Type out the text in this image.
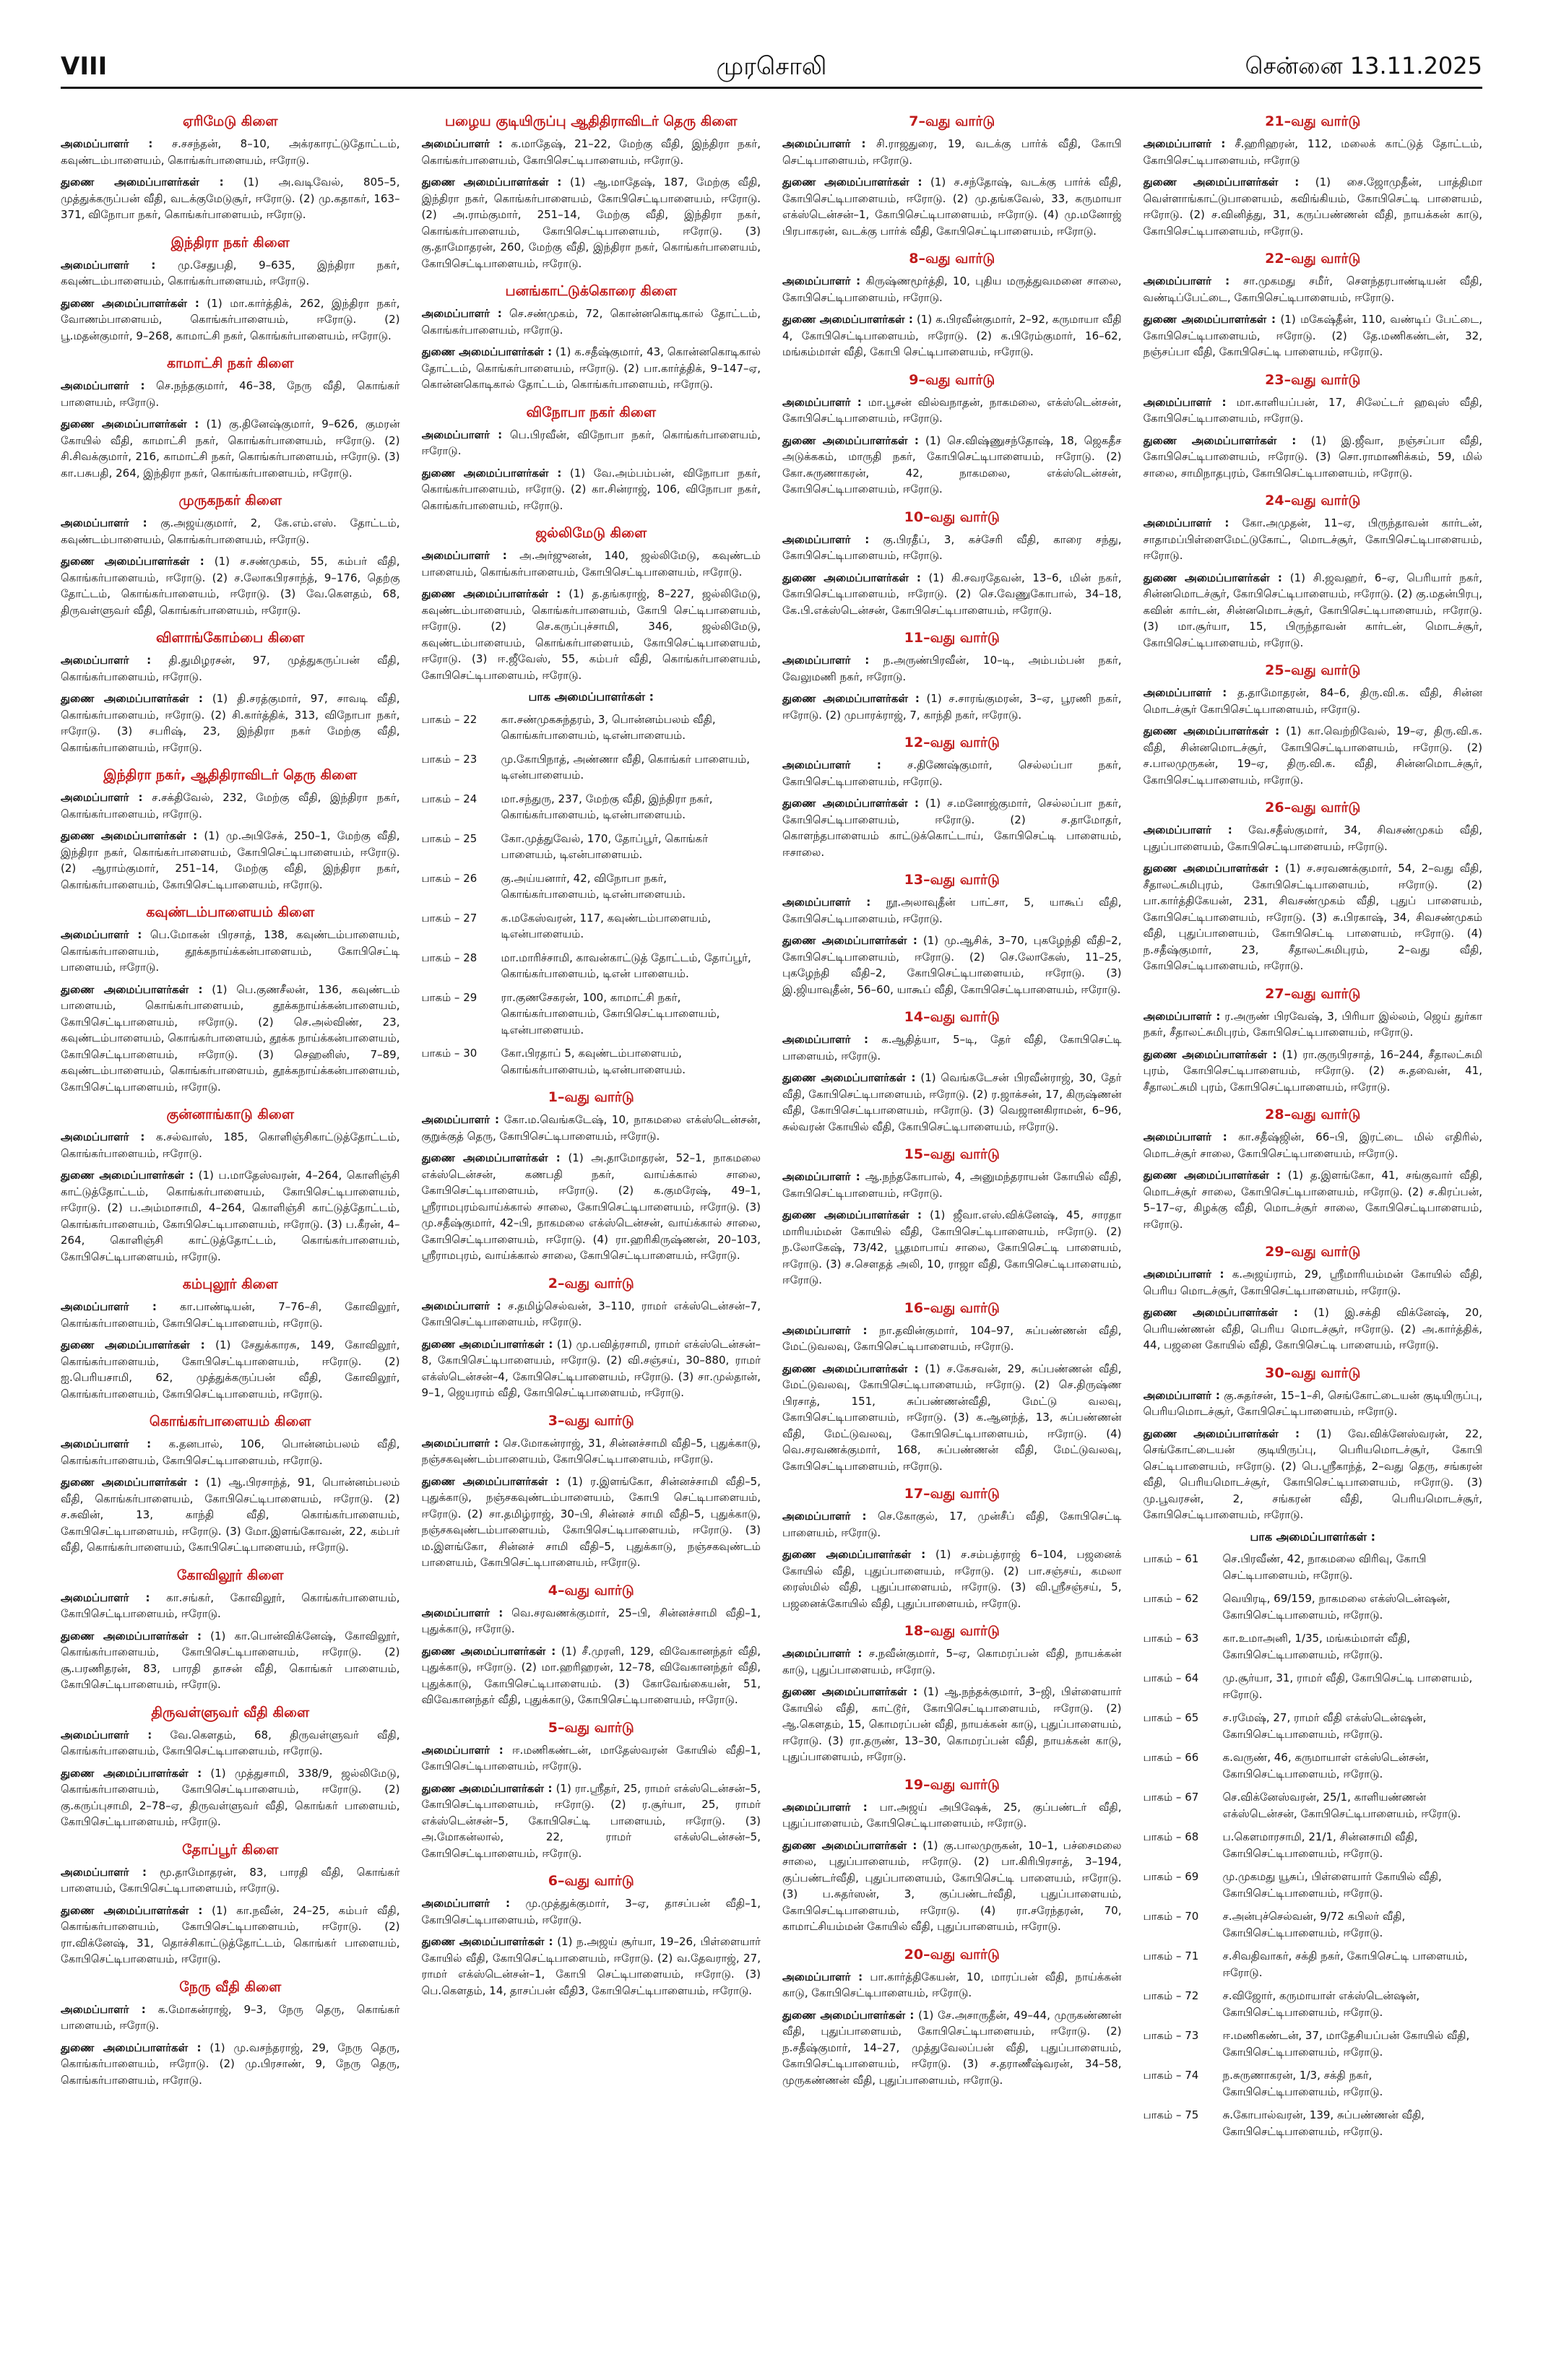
VIII	முரசொலி	சென்னை 13.11.2025
ஏரிமேடு கிளை
அமைப்பாளர் : ச.சசந்தன், 8–10, அக்ரகாரட்டுதோட்டம், கவுண்டம்பாளையம், கொங்கர்பாளையம், ஈரோடு.
துணை அமைப்பாளர்கள் : (1) அ.வடிவேல், 805–5, முத்துக்கருப்பன் வீதி, வடக்குமேடுசூர், ஈரோடு. (2) மு.கதாகர், 163–371, விநோபா நகர், கொங்கர்பாளையம், ஈரோடு.
இந்திரா நகர் கிளை
அமைப்பாளர் : மு.சேதுபதி, 9–635, இந்திரா நகர், கவுண்டம்பாளையம், கொங்கர்பாளையம், ஈரோடு.
துணை அமைப்பாளர்கள் : (1) மா.கார்த்திக், 262, இந்திரா நகர், வோணம்பாளையம், கொங்கர்பாளையம், ஈரோடு. (2) பூ.மதன்குமார், 9–268, காமாட்சி நகர், கொங்கர்பாளையம், ஈரோடு.
காமாட்சி நகர் கிளை
அமைப்பாளர் : செ.நந்தகுமார், 46–38, நேரு வீதி, கொங்கர் பாளையம், ஈரோடு.
துணை அமைப்பாளர்கள் : (1) கு.தினேஷ்குமார், 9–626, குமரன் கோயில் வீதி, காமாட்சி நகர், கொங்கர்பாளையம், ஈரோடு. (2) சி.சிவக்குமார், 216, காமாட்சி நகர், கொங்கர்பாளையம், ஈரோடு. (3) கா.பசுபதி, 264, இந்திரா நகர், கொங்கர்பாளையம், ஈரோடு.
முருகநகர் கிளை
அமைப்பாளர் : கு.அஜய்குமார், 2, கே.எம்.எஸ். தோட்டம், கவுண்டம்பாளையம், கொங்கர்பாளையம், ஈரோடு.
துணை அமைப்பாளர்கள் : (1) ச.சண்முகம், 55, கம்பர் வீதி, கொங்கர்பாளையம், ஈரோடு. (2) ச.லோகபிரசாந்த், 9–176, தெற்கு தோட்டம், கொங்கர்பாளையம், ஈரோடு. (3) வே.கௌதம், 68, திருவள்ளுவர் வீதி, கொங்கர்பாளையம், ஈரோடு.
விளாங்கோம்பை கிளை
அமைப்பாளர் : தி.துமிழரசன், 97, முத்துகருப்பன் வீதி, கொங்கர்பாளையம், ஈரோடு.
துணை அமைப்பாளர்கள் : (1) தி.சரத்குமார், 97, சாவடி வீதி, கொங்கர்பாளையம், ஈரோடு. (2) சி.கார்த்திக், 313, விநோபா நகர், ஈரோடு. (3) சபரிஷ், 23, இந்திரா நகர் மேற்கு வீதி, கொங்கர்பாளையம், ஈரோடு.
இந்திரா நகர், ஆதிதிராவிடர் தெரு கிளை
அமைப்பாளர் : ச.சக்திவேல், 232, மேற்கு வீதி, இந்திரா நகர், கொங்கர்பாளையம், ஈரோடு.
துணை அமைப்பாளர்கள் : (1) மு.அபிசேக், 250–1, மேற்கு வீதி, இந்திரா நகர், கொங்கர்பாளையம், கோபிசெட்டிபாளையம், ஈரோடு. (2) ஆராம்குமார், 251–14, மேற்கு வீதி, இந்திரா நகர், கொங்கர்பாளையம், கோபிசெட்டிபாளையம், ஈரோடு.
கவுண்டம்பாளையம் கிளை
அமைப்பாளர் : பெ.மோகன் பிரசாத், 138, கவுண்டம்பாளையம், கொங்கர்பாளையம், தூக்கநாய்க்கன்பாளையம், கோபிசெட்டி பாளையம், ஈரோடு.
துணை அமைப்பாளர்கள் : (1) பெ.குணசீலன், 136, கவுண்டம் பாளையம், கொங்கர்பாளையம், தூக்கநாய்க்கன்பாளையம், கோபிசெட்டிபாளையம், ஈரோடு. (2) செ.அல்விண், 23, கவுண்டம்பாளையம், கொங்கர்பாளையம், தூக்க நாய்க்கன்பாளையம், கோபிசெட்டிபாளையம், ஈரோடு. (3) செஹனிஸ், 7–89, கவுண்டம்பாளையம், கொங்கர்பாளையம், தூக்கநாய்க்கன்பாளையம், கோபிசெட்டிபாளையம், ஈரோடு.
குன்னாங்காடு கிளை
அமைப்பாளர் : க.சல்வாஸ், 185, கொளிஞ்சிகாட்டுத்தோட்டம், கொங்கர்பாளையம், ஈரோடு.
துணை அமைப்பாளர்கள் : (1) ப.மாதேஸ்வரன், 4–264, கொளிஞ்சி காட்டுத்தோட்டம், கொங்கர்பாளையம், கோபிசெட்டிபாளையம், ஈரோடு. (2) ப.அம்மாசாமி, 4–264, கொளிஞ்சி காட்டுத்தோட்டம், கொங்கர்பாளையம், கோபிசெட்டிபாளையம், ஈரோடு. (3) ப.கீரன், 4–264, கொளிஞ்சி காட்டுத்தோட்டம், கொங்கர்பாளையம், கோபிசெட்டிபாளையம், ஈரோடு.
கம்புலூர் கிளை
அமைப்பாளர் : கா.பாண்டியன், 7–76–சி, கோவிலூர், கொங்கர்பாளையம், கோபிசெட்டிபாளையம், ஈரோடு.
துணை அமைப்பாளர்கள் : (1) சேதுக்காரசு, 149, கோவிலூர், கொங்கர்பாளையம், கோபிசெட்டிபாளையம், ஈரோடு. (2) ஐ.பெரியசாமி, 62, முத்துக்கருப்பன் வீதி, கோவிலூர், கொங்கர்பாளையம், கோபிசெட்டிபாளையம், ஈரோடு.
கொங்கர்பாளையம் கிளை
அமைப்பாளர் : க.தனபால், 106, பொன்னம்பலம் வீதி, கொங்கர்பாளையம், கோபிசெட்டிபாளையம், ஈரோடு.
துணை அமைப்பாளர்கள் : (1) ஆ.பிரசாந்த், 91, பொன்னம்பலம் வீதி, கொங்கர்பாளையம், கோபிசெட்டிபாளையம், ஈரோடு. (2) ச.சுவின், 13, காந்தி வீதி, கொங்கர்பாளையம், கோபிசெட்டிபாளையம், ஈரோடு. (3) மோ.இளங்கோவன், 22, கம்பர் வீதி, கொங்கர்பாளையம், கோபிசெட்டிபாளையம், ஈரோடு.
கோவிலூர் கிளை
அமைப்பாளர் : கா.சங்கர், கோவிலூர், கொங்கர்பாளையம், கோபிசெட்டிபாளையம், ஈரோடு.
துணை அமைப்பாளர்கள் : (1) கா.பொன்விக்னேஷ், கோவிலூர், கொங்கர்பாளையம், கோபிசெட்டிபாளையம், ஈரோடு. (2) சூ.பரணிதரன், 83, பாரதி தாசன் வீதி, கொங்கர் பாளையம், கோபிசெட்டிபாளையம், ஈரோடு.
திருவள்ளுவர் வீதி கிளை
அமைப்பாளர் : வே.கௌதம், 68, திருவள்ளுவர் வீதி, கொங்கர்பாளையம், கோபிசெட்டிபாளையம், ஈரோடு.
துணை அமைப்பாளர்கள் : (1) முத்துசாமி, 338/9, ஜல்லிமேடு, கொங்கர்பாளையம், கோபிசெட்டிபாளையம், ஈரோடு. (2) கு.கருப்புசாமி, 2–78–ஏ, திருவள்ளுவர் வீதி, கொங்கர் பாளையம், கோபிசெட்டிபாளையம், ஈரோடு.
தோப்பூர் கிளை
அமைப்பாளர் : மூ.தாமோதரன், 83, பாரதி வீதி, கொங்கர் பாளையம், கோபிசெட்டிபாளையம், ஈரோடு.
துணை அமைப்பாளர்கள் : (1) கா.நவீன், 24–25, கம்பர் வீதி, கொங்கர்பாளையம், கோபிசெட்டிபாளையம், ஈரோடு. (2) ரா.விக்னேஷ், 31, தொச்சிகாட்டுத்தோட்டம், கொங்கர் பாளையம், கோபிசெட்டிபாளையம், ஈரோடு.
நேரு வீதி கிளை
அமைப்பாளர் : க.மோகன்ராஜ், 9–3, நேரு தெரு, கொங்கர் பாளையம், ஈரோடு.
துணை அமைப்பாளர்கள் : (1) மு.வசந்தராஜ், 29, நேரு தெரு, கொங்கர்பாளையம், ஈரோடு. (2) மு.பிரசாண், 9, நேரு தெரு, கொங்கர்பாளையம், ஈரோடு.
பழைய குடியிருப்பு ஆதிதிராவிடர் தெரு கிளை
அமைப்பாளர் : க.மாதேஷ், 21–22, மேற்கு வீதி, இந்திரா நகர், கொங்கர்பாளையம், கோபிசெட்டிபாளையம், ஈரோடு.
துணை அமைப்பாளர்கள் : (1) ஆ.மாதேஷ், 187, மேற்கு வீதி, இந்திரா நகர், கொங்கர்பாளையம், கோபிசெட்டிபாளையம், ஈரோடு. (2) அ.ராம்குமார், 251–14, மேற்கு வீதி, இந்திரா நகர், கொங்கர்பாளையம், கோபிசெட்டிபாளையம், ஈரோடு. (3) கு.தாமோதரன், 260, மேற்கு வீதி, இந்திரா நகர், கொங்கர்பாளையம், கோபிசெட்டிபாளையம், ஈரோடு.
பனங்காட்டுக்கொரை கிளை
அமைப்பாளர் : செ.சண்முகம், 72, கொன்னகொடிகால் தோட்டம், கொங்கர்பாளையம், ஈரோடு.
துணை அமைப்பாளர்கள் : (1) க.சதீஷ்குமார், 43, கொன்னகொடிகால் தோட்டம், கொங்கர்பாளையம், ஈரோடு. (2) பா.கார்த்திக், 9–147–ஏ, கொன்னகொடிகால் தோட்டம், கொங்கர்பாளையம், ஈரோடு.
விநோபா நகர் கிளை
அமைப்பாளர் : பெ.பிரவீன், விநோபா நகர், கொங்கர்பாளையம், ஈரோடு.
துணை அமைப்பாளர்கள் : (1) வே.அம்பம்பன், விநோபா நகர், கொங்கர்பாளையம், ஈரோடு. (2) கா.சின்ராஜ், 106, விநோபா நகர், கொங்கர்பாளையம், ஈரோடு.
ஜல்லிமேடு கிளை
அமைப்பாளர் : அ.அர்ஜுனன், 140, ஜல்லிமேடு, கவுண்டம் பாளையம், கொங்கர்பாளையம், கோபிசெட்டிபாளையம், ஈரோடு.
துணை அமைப்பாளர்கள் : (1) த.தங்கராஜ், 8–227, ஜல்லிமேடு, கவுண்டம்பாளையம், கொங்கர்பாளையம், கோபி செட்டிபாளையம், ஈரோடு. (2) செ.கருப்புச்சாமி, 346, ஜல்லிமேடு, கவுண்டம்பாளையம், கொங்கர்பாளையம், கோபிசெட்டிபாளையம், ஈரோடு. (3) ஈ.ஜீவேஸ், 55, கம்பர் வீதி, கொங்கர்பாளையம், கோபிசெட்டிபாளையம், ஈரோடு.
பாக அமைப்பாளர்கள் :
பாகம் – 22	கா.சண்முகசுந்தரம், 3, பொன்னம்பலம் வீதி, கொங்கர்பாளையம், டிஎன்பாளையம்.
பாகம் – 23	மு.கோபிநாத், அண்ணா வீதி, கொங்கர் பாளையம், டிஎன்பாளையம்.
பாகம் – 24	மா.சந்துரு, 237, மேற்கு வீதி, இந்திரா நகர், கொங்கர்பாளையம், டிஎன்பாளையம்.
பாகம் – 25	கோ.முத்துவேல், 170, தோப்பூர், கொங்கர் பாளையம், டிஎன்பாளையம்.
பாகம் – 26	கு.அய்யனார், 42, விநோபா நகர், கொங்கர்பாளையம், டிஎன்பாளையம்.
பாகம் – 27	க.மகேஸ்வரன், 117, கவுண்டம்பாளையம், டிஎன்பாளையம்.
பாகம் – 28	மா.மாரிச்சாமி, காவன்காட்டுத் தோட்டம், தோப்பூர், கொங்கர்பாளையம், டிஎன் பாளையம்.
பாகம் – 29	ரா.குணசேகரன், 100, காமாட்சி நகர், கொங்கர்பாளையம், கோபிசெட்டிபாளையம், டிஎன்பாளையம்.
பாகம் – 30	கோ.பிரதாப் 5, கவுண்டம்பாளையம், கொங்கர்பாளையம், டிஎன்பாளையம்.
1–வது வார்டு
அமைப்பாளர் : கோ.ம.வெங்கடேஷ், 10, நாகமலை எக்ஸ்டென்சன், குறுக்குத் தெரு, கோபிசெட்டிபாளையம், ஈரோடு.
துணை அமைப்பாளர்கள் : (1) அ.தாமோதரன், 52–1, நாகமலை எக்ஸ்டென்சன், கணபதி நகர், வாய்க்கால் சாலை, கோபிசெட்டிபாளையம், ஈரோடு. (2) க.குமரேஷ், 49–1, ஸ்ரீராமபுரம்வாய்க்கால் சாலை, கோபிசெட்டிபாளையம், ஈரோடு. (3) மு.சதீஷ்குமார், 42–பி, நாகமலை எக்ஸ்டென்சன், வாய்க்கால் சாலை, கோபிசெட்டிபாளையம், ஈரோடு. (4) ரா.ஹரிகிருஷ்ணன், 20–103, ஸ்ரீராமபுரம், வாய்க்கால் சாலை, கோபிசெட்டிபாளையம், ஈரோடு.
2–வது வார்டு
அமைப்பாளர் : ச.தமிழ்செல்வன், 3–110, ராமர் எக்ஸ்டென்சன்–7, கோபிசெட்டிபாளையம், ஈரோடு.
துணை அமைப்பாளர்கள் : (1) மு.பவித்ரசாமி, ராமர் எக்ஸ்டென்சன்–8, கோபிசெட்டிபாளையம், ஈரோடு. (2) வி.சஞ்சய், 30–880, ராமர் எக்ஸ்டென்சன்–4, கோபிசெட்டிபாளையம், ஈரோடு. (3) சா.முல்தான், 9–1, ஜெயராம் வீதி, கோபிசெட்டிபாளையம், ஈரோடு.
3–வது வார்டு
அமைப்பாளர் : செ.மோகன்ராஜ், 31, சின்னச்சாமி வீதி–5, புதுக்காடு, நஞ்சகவுண்டம்பாளையம், கோபிசெட்டிபாளையம், ஈரோடு.
துணை அமைப்பாளர்கள் : (1) ர.இளங்கோ, சின்னச்சாமி வீதி–5, புதுக்காடு, நஞ்சகவுண்டம்பாளையம், கோபி செட்டிபாளையம், ஈரோடு. (2) சா.தமிழ்ராஜ், 30–பி, சின்னச் சாமி வீதி–5, புதுக்காடு, நஞ்சகவுண்டம்பாளையம், கோபிசெட்டிபாளையம், ஈரோடு. (3) ம.இளங்கோ, சின்னச் சாமி வீதி–5, புதுக்காடு, நஞ்சகவுண்டம் பாளையம், கோபிசெட்டிபாளையம், ஈரோடு.
4–வது வார்டு
அமைப்பாளர் : வெ.சரவணக்குமார், 25–பி, சின்னச்சாமி வீதி–1, புதுக்காடு, ஈரோடு.
துணை அமைப்பாளர்கள் : (1) சீ.முரளி, 129, விவேகானந்தர் வீதி, புதுக்காடு, ஈரோடு. (2) மா.ஹரிஹரன், 12–78, விவேகானந்தர் வீதி, புதுக்காடு, கோபிசெட்டிபாளையம். (3) கோவேங்கையன், 51, விவேகானந்தர் வீதி, புதுக்காடு, கோபிசெட்டிபாளையம், ஈரோடு.
5–வது வார்டு
அமைப்பாளர் : ஈ.மணிகண்டன், மாதேஸ்வரன் கோயில் வீதி–1, கோபிசெட்டிபாளையம், ஈரோடு.
துணை அமைப்பாளர்கள் : (1) ரா.ஸ்ரீதர், 25, ராமர் எக்ஸ்டென்சன்–5, கோபிசெட்டிபாளையம், ஈரோடு. (2) ர.சூர்யா, 25, ராமர் எக்ஸ்டென்சன்–5, கோபிசெட்டி பாளையம், ஈரோடு. (3) அ.மோகன்லால், 22, ராமர் எக்ஸ்டென்சன்–5, கோபிசெட்டிபாளையம், ஈரோடு.
6–வது வார்டு
அமைப்பாளர் : மு.முத்துக்குமார், 3–ஏ, தாசப்பன் வீதி–1, கோபிசெட்டிபாளையம், ஈரோடு.
துணை அமைப்பாளர்கள் : (1) ந.அஜய் சூர்யா, 19–26, பிள்ளையார் கோயில் வீதி, கோபிசெட்டிபாளையம், ஈரோடு. (2) வ.தேவராஜ், 27, ராமர் எக்ஸ்டென்சன்–1, கோபி செட்டிபாளையம், ஈரோடு. (3) பெ.கௌதம், 14, தாசப்பன் வீதி3, கோபிசெட்டிபாளையம், ஈரோடு.
7–வது வார்டு
அமைப்பாளர் : சி.ராஜதுரை, 19, வடக்கு பார்க் வீதி, கோபி செட்டிபாளையம், ஈரோடு.
துணை அமைப்பாளர்கள் : (1) ச.சந்தோஷ், வடக்கு பார்க் வீதி, கோபிசெட்டிபாளையம், ஈரோடு. (2) மு.தங்கவேல், 33, கருமாயா எக்ஸ்டென்சன்–1, கோபிசெட்டிபாளையம், ஈரோடு. (4) மு.மனோஜ் பிரபாகரன், வடக்கு பார்க் வீதி, கோபிசெட்டிபாளையம், ஈரோடு.
8–வது வார்டு
அமைப்பாளர் : கிருஷ்ணமூர்த்தி, 10, புதிய மருத்துவமனை சாலை, கோபிசெட்டிபாளையம், ஈரோடு.
துணை அமைப்பாளர்கள் : (1) க.பிரவீன்குமார், 2–92, கருமாயா வீதி 4, கோபிசெட்டிபாளையம், ஈரோடு. (2) க.பிரேம்குமார், 16–62, மங்கம்மாள் வீதி, கோபி செட்டிபாளையம், ஈரோடு.
9–வது வார்டு
அமைப்பாளர் : மா.பூசன் வில்வநாதன், நாகமலை, எக்ஸ்டென்சன், கோபிசெட்டிபாளையம், ஈரோடு.
துணை அமைப்பாளர்கள் : (1) செ.விஷ்ணுசந்தோஷ், 18, ஜெகதீச அடுக்ககம், மாருதி நகர், கோபிசெட்டிபாளையம், ஈரோடு. (2) கோ.சுருணாகரன், 42, நாகமலை, எக்ஸ்டென்சன், கோபிசெட்டிபாளையம், ஈரோடு.
10–வது வார்டு
அமைப்பாளர் : கு.பிரதீப், 3, கச்சேரி வீதி, காரை சந்து, கோபிசெட்டிபாளையம், ஈரோடு.
துணை அமைப்பாளர்கள் : (1) கி.சவரதேவன், 13–6, மின் நகர், கோபிசெட்டிபாளையம், ஈரோடு. (2) செ.வேணுகோபால், 34–18, கே.பி.எக்ஸ்டென்சன், கோபிசெட்டிபாளையம், ஈரோடு.
11–வது வார்டு
அமைப்பாளர் : ந.அருண்பிரவீன், 10–டி, அம்பம்பன் நகர், வேலுமணி நகர், ஈரோடு.
துணை அமைப்பாளர்கள் : (1) ச.சாரங்குமரன், 3–ஏ, பூரணி நகர், ஈரோடு. (2) முபாரக்ராஜ், 7, காந்தி நகர், ஈரோடு.
12–வது வார்டு
அமைப்பாளர் : ச.திணேஷ்குமார், செல்லப்பா நகர், கோபிசெட்டிபாளையம், ஈரோடு.
துணை அமைப்பாளர்கள் : (1) ச.மனோஜ்குமார், செல்லப்பா நகர், கோபிசெட்டிபாளையம், ஈரோடு. (2) ச.தாமோதர், கொளந்தபாளையம் காட்டுக்கொட்டாய், கோபிசெட்டி பாளையம், ஈசாலை.
13–வது வார்டு
அமைப்பாளர் : நூ.அலாவுதீன் பாட்சா, 5, யாகூப் வீதி, கோபிசெட்டிபாளையம், ஈரோடு.
துணை அமைப்பாளர்கள் : (1) மு.ஆசிக், 3–70, புகழேந்தி வீதி–2, கோபிசெட்டிபாளையம், ஈரோடு. (2) செ.லோகேஸ், 11–25, புகழேந்தி வீதி–2, கோபிசெட்டிபாளையம், ஈரோடு. (3) இ.ஜியாவுதீன், 56–60, யாகூப் வீதி, கோபிசெட்டிபாளையம், ஈரோடு.
14–வது வார்டு
அமைப்பாளர் : க.ஆதித்யா, 5–டி, தேர் வீதி, கோபிசெட்டி பாளையம், ஈரோடு.
துணை அமைப்பாளர்கள் : (1) வெங்கடேசன் பிரவீன்ராஜ், 30, தேர் வீதி, கோபிசெட்டிபாளையம், ஈரோடு. (2) ர.ஜாக்சன், 17, கிருஷ்ணன் வீதி, கோபிசெட்டிபாளையம், ஈரோடு. (3) வெஜானகிராமன், 6–96, சுல்வரன் கோயில் வீதி, கோபிசெட்டிபாளையம், ஈரோடு.
15–வது வார்டு
அமைப்பாளர் : ஆ.நந்தகோபால், 4, அனுமந்தராயன் கோயில் வீதி, கோபிசெட்டிபாளையம், ஈரோடு.
துணை அமைப்பாளர்கள் : (1) ஜீவா.எஸ்.விக்னேஷ், 45, சாரதா மாரியம்மன் கோயில் வீதி, கோபிசெட்டிபாளையம், ஈரோடு. (2) ந.லோகேஷ், 73/42, பூதமாபாய் சாலை, கோபிசெட்டி பாளையம், ஈரோடு. (3) ச.சௌதத் அலி, 10, ராஜா வீதி, கோபிசெட்டிபாளையம், ஈரோடு.
16–வது வார்டு
அமைப்பாளர் : நா.தவின்குமார், 104–97, சுப்பண்ணன் வீதி, மேட்டுவலவு, கோபிசெட்டிபாளையம், ஈரோடு.
துணை அமைப்பாளர்கள் : (1) ச.கேசவன், 29, சுப்பண்ணன் வீதி, மேட்டுவலவு, கோபிசெட்டிபாளையம், ஈரோடு. (2) செ.திருஷ்ண பிரசாத், 151, சுப்பண்ணன்வீதி, மேட்டு வலவு, கோபிசெட்டிபாளையம், ஈரோடு. (3) க.ஆனந்த், 13, சுப்பண்ணன் வீதி, மேட்டுவலவு, கோபிசெட்டிபாளையம், ஈரோடு. (4) வெ.சரவணக்குமார், 168, சுப்பண்ணன் வீதி, மேட்டுவலவு, கோபிசெட்டிபாளையம், ஈரோடு.
17–வது வார்டு
அமைப்பாளர் : செ.கோகுல், 17, முன்சீப் வீதி, கோபிசெட்டி பாளையம், ஈரோடு.
துணை அமைப்பாளர்கள் : (1) ச.சம்பத்ராஜ் 6–104, பஜனைக் கோயில் வீதி, புதுப்பாளையம், ஈரோடு. (2) பா.சஞ்சய், கமலா ரைஸ்மில் வீதி, புதுப்பாளையம், ஈரோடு. (3) வி.ஸ்ரீசஞ்சய், 5, பஜனைக்கோயில் வீதி, புதுப்பாளையம், ஈரோடு.
18–வது வார்டு
அமைப்பாளர் : ச.நவீன்குமார், 5–ஏ, கொமரப்பன் வீதி, நாயக்கன் காடு, புதுப்பாளையம், ஈரோடு.
துணை அமைப்பாளர்கள் : (1) ஆ.நந்தக்குமார், 3–ஜி, பிள்ளையார் கோயில் வீதி, காட்டூர், கோபிசெட்டிபாளையம், ஈரோடு. (2) ஆ.கௌதம், 15, கொமரப்பன் வீதி, நாயக்கன் காடு, புதுப்பாளையம், ஈரோடு. (3) ரா.தருண், 13–30, கொமரப்பன் வீதி, நாயக்கன் காடு, புதுப்பாளையம், ஈரோடு.
19–வது வார்டு
அமைப்பாளர் : பா.அஜய் அபிஷேக், 25, குப்பண்டர் வீதி, புதுப்பாளையம், கோபிசெட்டிபாளையம், ஈரோடு.
துணை அமைப்பாளர்கள் : (1) கு.பாலமுருகன், 10–1, பச்சைமலை சாலை, புதுப்பாளையம், ஈரோடு. (2) பா.கிரிபிரசாத், 3–194, குப்பண்டர்வீதி, புதுப்பாளையம், கோபிசெட்டி பாளையம், ஈரோடு. (3) ப.சுதர்ஸன், 3, குப்பண்டர்வீதி, புதுப்பாளையம், கோபிசெட்டிபாளையம், ஈரோடு. (4) ரா.சரேந்தரன், 70, காமாட்சியம்மன் கோயில் வீதி, புதுப்பாளையம், ஈரோடு.
20–வது வார்டு
அமைப்பாளர் : பா.கார்த்திகேயன், 10, மாரப்பன் வீதி, நாய்க்கன் காடு, கோபிசெட்டிபாளையம், ஈரோடு.
துணை அமைப்பாளர்கள் : (1) சே.அசாருதீன், 49–44, முருகண்ணன் வீதி, புதுப்பாளையம், கோபிசெட்டிபாளையம், ஈரோடு. (2) ந.சதீஷ்குமார், 14–27, முத்துவேலப்பன் வீதி, புதுப்பாளையம், கோபிசெட்டிபாளையம், ஈரோடு. (3) ச.தராணீஷ்வரன், 34–58, முருகண்ணன் வீதி, புதுப்பாளையம், ஈரோடு.
21–வது வார்டு
அமைப்பாளர் : சீ.ஹரிஹரன், 112, மலைக் காட்டுத் தோட்டம், கோபிசெட்டிபாளையம், ஈரோடு
துணை அமைப்பாளர்கள் : (1) சை.ஜோமுதீன், பாத்திமா வெள்ளாங்காட்டுபாளையம், கவிங்கியம், கோபிசெட்டி பாளையம், ஈரோடு. (2) ச.வினித்து, 31, கருப்பண்ணன் வீதி, நாயக்கன் காடு, கோபிசெட்டிபாளையம், ஈரோடு.
22–வது வார்டு
அமைப்பாளர் : சா.முகமது சமீர், சௌந்தரபாண்டியன் வீதி, வண்டிப்பேட்டை, கோபிசெட்டிபாளையம், ஈரோடு.
துணை அமைப்பாளர்கள் : (1) மகேஷ்தீன், 110, வண்டிப் பேட்டை, கோபிசெட்டிபாளையம், ஈரோடு. (2) தே.மணிகண்டன், 32, நஞ்சப்பா வீதி, கோபிசெட்டி பாளையம், ஈரோடு.
23–வது வார்டு
அமைப்பாளர் : மா.காளியப்பன், 17, சிலேட்டர் ஹவுஸ் வீதி, கோபிசெட்டிபாளையம், ஈரோடு.
துணை அமைப்பாளர்கள் : (1) இ.ஜீவா, நஞ்சப்பா வீதி, கோபிசெட்டிபாளையம், ஈரோடு. (3) சொ.ராமாணிக்கம், 59, மில் சாலை, சாமிநாதபுரம், கோபிசெட்டிபாளையம், ஈரோடு.
24–வது வார்டு
அமைப்பாளர் : கோ.அமுதன், 11–ஏ, பிருந்தாவன் கார்டன், சாதாமப்பிள்ளைமேட்டுகோட், மொடச்சூர், கோபிசெட்டிபாளையம், ஈரோடு.
துணை அமைப்பாளர்கள் : (1) சி.ஜவஹர், 6–ஏ, பெரியார் நகர், சின்னமொடச்சூர், கோபிசெட்டிபாளையம், ஈரோடு. (2) கு.மதன்பிரபு, கவின் கார்டன், சின்னமொடச்சூர், கோபிசெட்டிபாளையம், ஈரோடு. (3) மா.சூர்யா, 15, பிருந்தாவன் கார்டன், மொடச்சூர், கோபிசெட்டிபாளையம், ஈரோடு.
25–வது வார்டு
அமைப்பாளர் : த.தாமோதரன், 84–6, திரு.வி.க. வீதி, சின்ன மொடச்சூர் கோபிசெட்டிபாளையம், ஈரோடு.
துணை அமைப்பாளர்கள் : (1) கா.வெற்றிவேல், 19–ஏ, திரு.வி.க. வீதி, சின்னமொடச்சூர், கோபிசெட்டிபாளையம், ஈரோடு. (2) ச.பாலமுருகன், 19–ஏ, திரு.வி.க. வீதி, சின்னமொடச்சூர், கோபிசெட்டிபாளையம், ஈரோடு.
26–வது வார்டு
அமைப்பாளர் : வே.சதீஸ்குமார், 34, சிவசண்முகம் வீதி, புதுப்பாளையம், கோபிசெட்டிபாளையம், ஈரோடு.
துணை அமைப்பாளர்கள் : (1) ச.சரவணக்குமார், 54, 2–வது வீதி, சீதாலட்சுமிபுரம், கோபிசெட்டிபாளையம், ஈரோடு. (2) பா.கார்த்திகேயன், 231, சிவசண்முகம் வீதி, புதுப் பாளையம், கோபிசெட்டிபாளையம், ஈரோடு. (3) சு.பிரகாஷ், 34, சிவசண்முகம் வீதி, புதுப்பாளையம், கோபிசெட்டி பாளையம், ஈரோடு. (4) ந.சதீஷ்குமார், 23, சீதாலட்சுமிபுரம், 2–வது வீதி, கோபிசெட்டிபாளையம், ஈரோடு.
27–வது வார்டு
அமைப்பாளர் : ர.அருண் பிரவேஷ், 3, பிரியா இல்லம், ஜெய் துர்கா நகர், சீதாலட்சுமிபுரம், கோபிசெட்டிபாளையம், ஈரோடு.
துணை அமைப்பாளர்கள் : (1) ரா.குருபிரசாத், 16–244, சீதாலட்சுமி புரம், கோபிசெட்டிபாளையம், ஈரோடு. (2) சு.தவைன், 41, சீதாலட்சுமி புரம், கோபிசெட்டிபாளையம், ஈரோடு.
28–வது வார்டு
அமைப்பாளர் : கா.சதீஷ்ஜின், 66–பி, இரட்டை மில் எதிரில், மொடச்சூர் சாலை, கோபிசெட்டிபாளையம், ஈரோடு.
துணை அமைப்பாளர்கள் : (1) த.இளங்கோ, 41, சங்குவார் வீதி, மொடச்சூர் சாலை, கோபிசெட்டிபாளையம், ஈரோடு. (2) ச.கிரப்பன், 5–17–ஏ, கிழக்கு வீதி, மொடச்சூர் சாலை, கோபிசெட்டிபாளையம், ஈரோடு.
29–வது வார்டு
அமைப்பாளர் : க.அஜய்ராம், 29, ஸ்ரீமாரியம்மன் கோயில் வீதி, பெரிய மொடச்சூர், கோபிசெட்டிபாளையம், ஈரோடு.
துணை அமைப்பாளர்கள் : (1) இ.சக்தி விக்னேஷ், 20, பெரியண்ணன் வீதி, பெரிய மொடச்சூர், ஈரோடு. (2) அ.கார்த்திக், 44, பஜனை கோயில் வீதி, கோபிசெட்டி பாளையம், ஈரோடு.
30–வது வார்டு
அமைப்பாளர் : கு.சுதர்சன், 15–1–சி, செங்கோட்டையன் குடியிருப்பு, பெரியமொடச்சூர், கோபிசெட்டிபாளையம், ஈரோடு.
துணை அமைப்பாளர்கள் : (1) வே.விக்னேஸ்வரன், 22, செங்கோட்டையன் குடியிருப்பு, பெரியமொடச்சூர், கோபி செட்டிபாளையம், ஈரோடு. (2) பெ.ஸ்ரீகாந்த், 2–வது தெரு, சங்கரன் வீதி, பெரியமொடச்சூர், கோபிசெட்டிபாளையம், ஈரோடு. (3) மு.பூவரசன், 2, சங்கரன் வீதி, பெரியமொடச்சூர், கோபிசெட்டிபாளையம், ஈரோடு.
பாக அமைப்பாளர்கள் :
பாகம் – 61	செ.பிரவீண், 42, நாகமலை விரிவு, கோபி செட்டிபாளையம், ஈரோடு.
பாகம் – 62	வெயிரடி, 69/159, நாகமலை எக்ஸ்டென்ஷன், கோபிசெட்டிபாளையம், ஈரோடு.
பாகம் – 63	கா.உமாஅனி, 1/35, மங்கம்மாள் வீதி, கோபிசெட்டிபாளையம், ஈரோடு.
பாகம் – 64	மு.சூர்யா, 31, ராமர் வீதி, கோபிசெட்டி பாளையம், ஈரோடு.
பாகம் – 65	ச.ரமேஷ், 27, ராமர் வீதி எக்ஸ்டென்ஷன், கோபிசெட்டிபாளையம், ஈரோடு.
பாகம் – 66	க.வருண், 46, கருமாயாள் எக்ஸ்டென்சன், கோபிசெட்டிபாளையம், ஈரோடு.
பாகம் – 67	செ.விக்னேஸ்வரன், 25/1, காளியண்ணன் எக்ஸ்டென்சன், கோபிசெட்டிபாளையம், ஈரோடு.
பாகம் – 68	ப.கௌமாரசாமி, 21/1, சின்னசாமி வீதி, கோபிசெட்டிபாளையம், ஈரோடு.
பாகம் – 69	மு.முகமது யூசுப், பிள்ளையார் கோயில் வீதி, கோபிசெட்டிபாளையம், ஈரோடு.
பாகம் – 70	ச.அன்புச்செல்வன், 9/72 கபிலர் வீதி, கோபிசெட்டிபாளையம், ஈரோடு.
பாகம் – 71	ச.சிவதிவாகர், சக்தி நகர், கோபிசெட்டி பாளையம், ஈரோடு.
பாகம் – 72	ச.விஜோர், கருமாயாள் எக்ஸ்டென்ஷன், கோபிசெட்டிபாளையம், ஈரோடு.
பாகம் – 73	ஈ.மணிகண்டன், 37, மாதேசியப்பன் கோயில் வீதி, கோபிசெட்டிபாளையம், ஈரோடு.
பாகம் – 74	ந.சுருணாகரன், 1/3, சக்தி நகர், கோபிசெட்டிபாளையம், ஈரோடு.
பாகம் – 75	சு.கோபால்வரன், 139, சுப்பண்ணன் வீதி, கோபிசெட்டிபாளையம், ஈரோடு.
